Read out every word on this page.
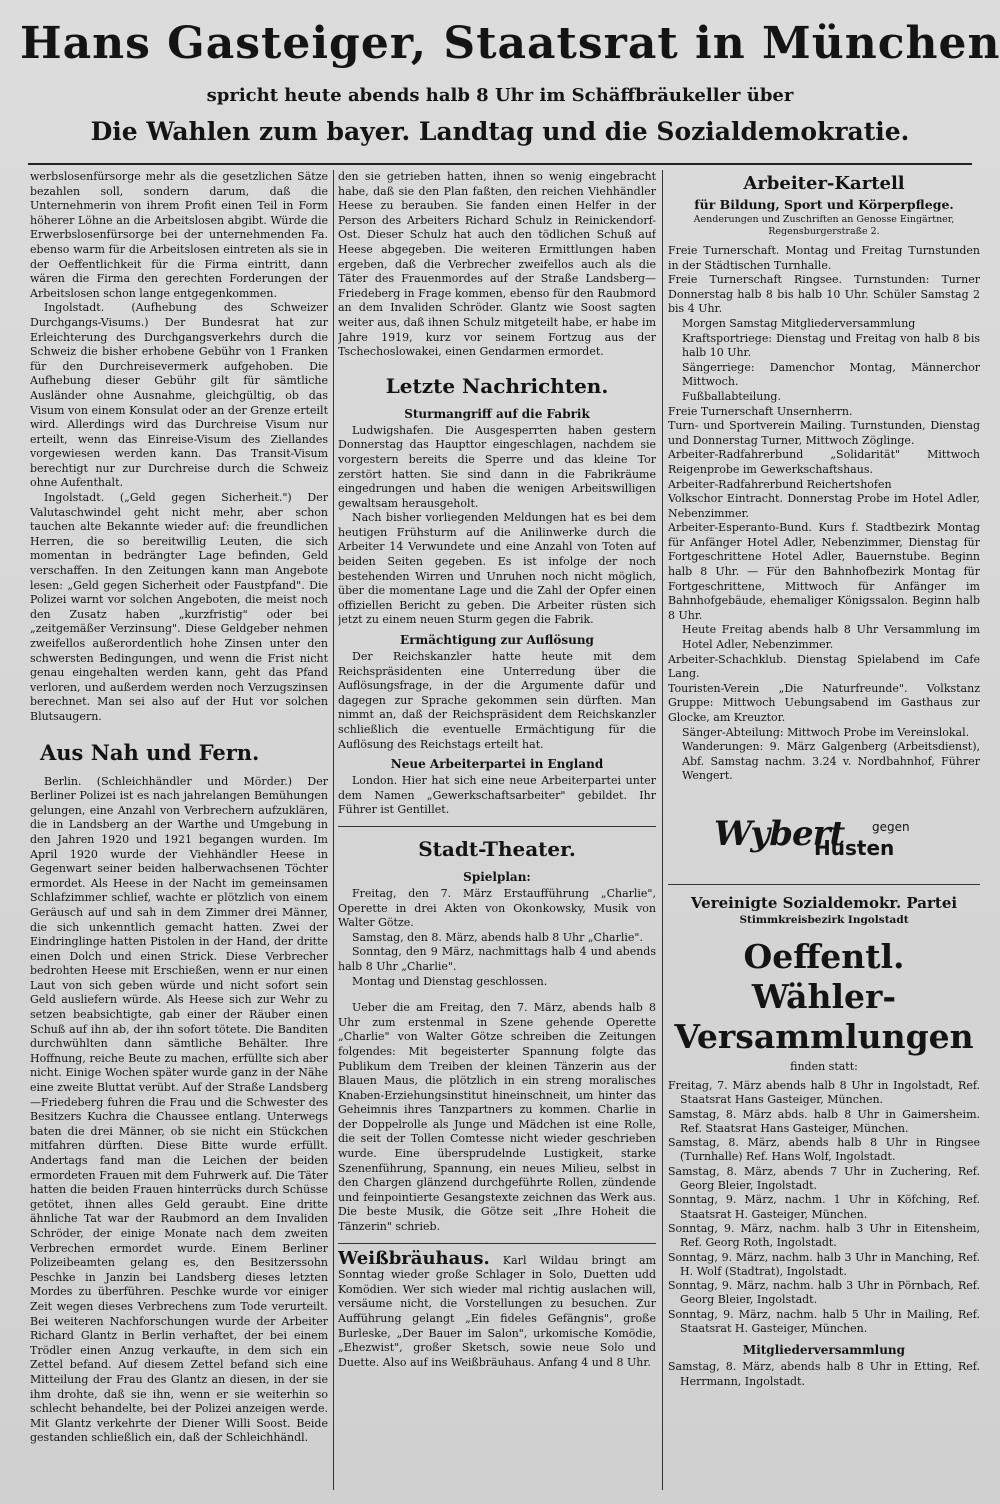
Hans Gasteiger, Staatsrat in München
spricht heute abends halb 8 Uhr im Schäffbräukeller über
Die Wahlen zum bayer. Landtag und die Sozialdemokratie.

werbslosenfürsorge mehr als die gesetzlichen Sätze bezahlen soll, sondern darum, daß die Unternehmerin von ihrem Profit einen Teil in Form höherer Löhne an die Arbeitslosen abgibt. Würde die Erwerbslosenfürsorge bei der unternehmenden Fa. ebenso warm für die Arbeitslosen eintreten als sie in der Oeffentlichkeit für die Firma eintritt, dann wären die Firma den gerechten Forderungen der Arbeitslosen schon lange entgegenkommen.

Ingolstadt. (Aufhebung des Schweizer Durchgangs-Visums.) Der Bundesrat hat zur Erleichterung des Durchgangsverkehrs durch die Schweiz die bisher erhobene Gebühr von 1 Franken für den Durchreisevermerk aufgehoben. Die Aufhebung dieser Gebühr gilt für sämtliche Ausländer ohne Ausnahme, gleichgültig, ob das Visum von einem Konsulat oder an der Grenze erteilt wird. Allerdings wird das Durchreise Visum nur erteilt, wenn das Einreise-Visum des Ziellandes vorgewiesen werden kann. Das Transit-Visum berechtigt nur zur Durchreise durch die Schweiz ohne Aufenthalt.

Ingolstadt. („Geld gegen Sicherheit.") Der Valutaschwindel geht nicht mehr, aber schon tauchen alte Bekannte wieder auf: die freundlichen Herren, die so bereitwillig Leuten, die sich momentan in bedrängter Lage befinden, Geld verschaffen. In den Zeitungen kann man Angebote lesen: „Geld gegen Sicherheit oder Faustpfand". Die Polizei warnt vor solchen Angeboten, die meist noch den Zusatz haben „kurzfristig" oder bei „zeitgemäßer Verzinsung". Diese Geldgeber nehmen zweifellos außerordentlich hohe Zinsen unter den schwersten Bedingungen, und wenn die Frist nicht genau eingehalten werden kann, geht das Pfand verloren, und außerdem werden noch Verzugszinsen berechnet. Man sei also auf der Hut vor solchen Blutsaugern.

Aus Nah und Fern.

Berlin. (Schleichhändler und Mörder.) Der Berliner Polizei ist es nach jahrelangen Bemühungen gelungen, eine Anzahl von Verbrechern aufzuklären, die in Landsberg an der Warthe und Umgebung in den Jahren 1920 und 1921 begangen wurden. Im April 1920 wurde der Viehhändler Heese in Gegenwart seiner beiden halberwachsenen Töchter ermordet. Als Heese in der Nacht im gemeinsamen Schlafzimmer schlief, wachte er plötzlich von einem Geräusch auf und sah in dem Zimmer drei Männer, die sich unkenntlich gemacht hatten. Zwei der Eindringlinge hatten Pistolen in der Hand, der dritte einen Dolch und einen Strick. Diese Verbrecher bedrohten Heese mit Erschießen, wenn er nur einen Laut von sich geben würde und nicht sofort sein Geld ausliefern würde. Als Heese sich zur Wehr zu setzen beabsichtigte, gab einer der Räuber einen Schuß auf ihn ab, der ihn sofort tötete. Die Banditen durchwühlten dann sämtliche Behälter. Ihre Hoffnung, reiche Beute zu machen, erfüllte sich aber nicht. Einige Wochen später wurde ganz in der Nähe eine zweite Bluttat verübt. Auf der Straße Landsberg—Friedeberg fuhren die Frau und die Schwester des Besitzers Kuchra die Chaussee entlang. Unterwegs baten die drei Männer, ob sie nicht ein Stückchen mitfahren dürften. Diese Bitte wurde erfüllt. Andertags fand man die Leichen der beiden ermordeten Frauen mit dem Fuhrwerk auf. Die Täter hatten die beiden Frauen hinterrücks durch Schüsse getötet, ihnen alles Geld geraubt. Eine dritte ähnliche Tat war der Raubmord an dem Invaliden Schröder, der einige Monate nach dem zweiten Verbrechen ermordet wurde. Einem Berliner Polizeibeamten gelang es, den Besitzerssohn Peschke in Janzin bei Landsberg dieses letzten Mordes zu überführen. Peschke wurde vor einiger Zeit wegen dieses Verbrechens zum Tode verurteilt. Bei weiteren Nachforschungen wurde der Arbeiter Richard Glantz in Berlin verhaftet, der bei einem Trödler einen Anzug verkaufte, in dem sich ein Zettel befand. Auf diesem Zettel befand sich eine Mitteilung der Frau des Glantz an diesen, in der sie ihm drohte, daß sie ihn, wenn er sie weiterhin so schlecht behandelte, bei der Polizei anzeigen werde. Mit Glantz verkehrte der Diener Willi Soost. Beide gestanden schließlich ein, daß der Schleichhändl.

den sie getrieben hatten, ihnen so wenig eingebracht habe, daß sie den Plan faßten, den reichen Viehhändler Heese zu berauben. Sie fanden einen Helfer in der Person des Arbeiters Richard Schulz in Reinickendorf-Ost. Dieser Schulz hat auch den tödlichen Schuß auf Heese abgegeben. Die weiteren Ermittlungen haben ergeben, daß die Verbrecher zweifellos auch als die Täter des Frauenmordes auf der Straße Landsberg—Friedeberg in Frage kommen, ebenso für den Raubmord an dem Invaliden Schröder. Glantz wie Soost sagten weiter aus, daß ihnen Schulz mitgeteilt habe, er habe im Jahre 1919, kurz vor seinem Fortzug aus der Tschechoslowakei, einen Gendarmen ermordet.

Letzte Nachrichten.
Sturmangriff auf die Fabrik

Ludwigshafen. Die Ausgesperrten haben gestern Donnerstag das Haupttor eingeschlagen, nachdem sie vorgestern bereits die Sperre und das kleine Tor zerstört hatten. Sie sind dann in die Fabrikräume eingedrungen und haben die wenigen Arbeitswilligen gewaltsam herausgeholt.

Nach bisher vorliegenden Meldungen hat es bei dem heutigen Frühsturm auf die Anilinwerke durch die Arbeiter 14 Verwundete und eine Anzahl von Toten auf beiden Seiten gegeben. Es ist infolge der noch bestehenden Wirren und Unruhen noch nicht möglich, über die momentane Lage und die Zahl der Opfer einen offiziellen Bericht zu geben. Die Arbeiter rüsten sich jetzt zu einem neuen Sturm gegen die Fabrik.

Ermächtigung zur Auflösung

Der Reichskanzler hatte heute mit dem Reichspräsidenten eine Unterredung über die Auflösungsfrage, in der die Argumente dafür und dagegen zur Sprache gekommen sein dürften. Man nimmt an, daß der Reichspräsident dem Reichskanzler schließlich die eventuelle Ermächtigung für die Auflösung des Reichstags erteilt hat.

Neue Arbeiterpartei in England

London. Hier hat sich eine neue Arbeiterpartei unter dem Namen „Gewerkschaftsarbeiter" gebildet. Ihr Führer ist Gentillet.

Stadt-Theater.
Spielplan:

Freitag, den 7. März Erstaufführung „Charlie", Operette in drei Akten von Okonkowsky, Musik von Walter Götze.

Samstag, den 8. März, abends halb 8 Uhr „Charlie".

Sonntag, den 9 März, nachmittags halb 4 und abends halb 8 Uhr „Charlie".

Montag und Dienstag geschlossen.

Ueber die am Freitag, den 7. März, abends halb 8 Uhr zum erstenmal in Szene gehende Operette „Charlie" von Walter Götze schreiben die Zeitungen folgendes: Mit begeisterter Spannung folgte das Publikum dem Treiben der kleinen Tänzerin aus der Blauen Maus, die plötzlich in ein streng moralisches Knaben-Erziehungsinstitut hineinschneit, um hinter das Geheimnis ihres Tanzpartners zu kommen. Charlie in der Doppelrolle als Junge und Mädchen ist eine Rolle, die seit der Tollen Comtesse nicht wieder geschrieben wurde. Eine übersprudelnde Lustigkeit, starke Szenenführung, Spannung, ein neues Milieu, selbst in den Chargen glänzend durchgeführte Rollen, zündende und feinpointierte Gesangstexte zeichnen das Werk aus. Die beste Musik, die Götze seit „Ihre Hoheit die Tänzerin" schrieb.

Weißbräuhaus. Karl Wildau bringt am Sonntag wieder große Schlager in Solo, Duetten udd Komödien. Wer sich wieder mal richtig auslachen will, versäume nicht, die Vorstellungen zu besuchen. Zur Aufführung gelangt „Ein fideles Gefängnis", große Burleske, „Der Bauer im Salon", urkomische Komödie, „Ehezwist", großer Sketsch, sowie neue Solo und Duette. Also auf ins Weißbräuhaus. Anfang 4 und 8 Uhr.

Arbeiter-Kartell
für Bildung, Sport und Körperpflege.
Aenderungen und Zuschriften an Genosse Eingärtner, Regensburgerstraße 2.
Freie Turnerschaft. Montag und Freitag Turnstunden in der Städtischen Turnhalle.
Freie Turnerschaft Ringsee. Turnstunden: Turner Donnerstag halb 8 bis halb 10 Uhr. Schüler Samstag 2 bis 4 Uhr.
Morgen Samstag Mitgliederversammlung
Kraftsportriege: Dienstag und Freitag von halb 8 bis halb 10 Uhr.
Sängerriege: Damenchor Montag, Männerchor Mittwoch.
Fußballabteilung.
Freie Turnerschaft Unsernherrn.
Turn- und Sportverein Mailing. Turnstunden, Dienstag und Donnerstag Turner, Mittwoch Zöglinge.
Arbeiter-Radfahrerbund „Solidarität" Mittwoch Reigenprobe im Gewerkschaftshaus.
Arbeiter-Radfahrerbund Reichertshofen
Volkschor Eintracht. Donnerstag Probe im Hotel Adler, Nebenzimmer.
Arbeiter-Esperanto-Bund. Kurs f. Stadtbezirk Montag für Anfänger Hotel Adler, Nebenzimmer, Dienstag für Fortgeschrittene Hotel Adler, Bauernstube. Beginn halb 8 Uhr. — Für den Bahnhofbezirk Montag für Fortgeschrittene, Mittwoch für Anfänger im Bahnhofgebäude, ehemaliger Königssalon. Beginn halb 8 Uhr.
Heute Freitag abends halb 8 Uhr Versammlung im Hotel Adler, Nebenzimmer.
Arbeiter-Schachklub. Dienstag Spielabend im Cafe Lang.
Touristen-Verein „Die Naturfreunde". Volkstanz Gruppe: Mittwoch Uebungsabend im Gasthaus zur Glocke, am Kreuztor.
Sänger-Abteilung: Mittwoch Probe im Vereinslokal.
Wanderungen: 9. März Galgenberg (Arbeitsdienst), Abf. Samstag nachm. 3.24 v. Nordbahnhof, Führer Wengert.
Wybert gegen
Husten
Vereinigte Sozialdemokr. Partei
Stimmkreisbezirk Ingolstadt
Oeffentl. Wähler-
Versammlungen
finden statt:

Freitag, 7. März abends halb 8 Uhr in Ingolstadt, Ref. Staatsrat Hans Gasteiger, München.

Samstag, 8. März abds. halb 8 Uhr in Gaimersheim. Ref. Staatsrat Hans Gasteiger, München.

Samstag, 8. März, abends halb 8 Uhr in Ringsee (Turnhalle) Ref. Hans Wolf, Ingolstadt.

Samstag, 8. März, abends 7 Uhr in Zuchering, Ref. Georg Bleier, Ingolstadt.

Sonntag, 9. März, nachm. 1 Uhr in Köfching, Ref. Staatsrat H. Gasteiger, München.

Sonntag, 9. März, nachm. halb 3 Uhr in Eitensheim, Ref. Georg Roth, Ingolstadt.

Sonntag, 9. März, nachm. halb 3 Uhr in Manching, Ref. H. Wolf (Stadtrat), Ingolstadt.

Sonntag, 9. März, nachm. halb 3 Uhr in Pörnbach, Ref. Georg Bleier, Ingolstadt.

Sonntag, 9. März, nachm. halb 5 Uhr in Mailing, Ref. Staatsrat H. Gasteiger, München.

Mitgliederversammlung

Samstag, 8. März, abends halb 8 Uhr in Etting, Ref. Herrmann, Ingolstadt.
